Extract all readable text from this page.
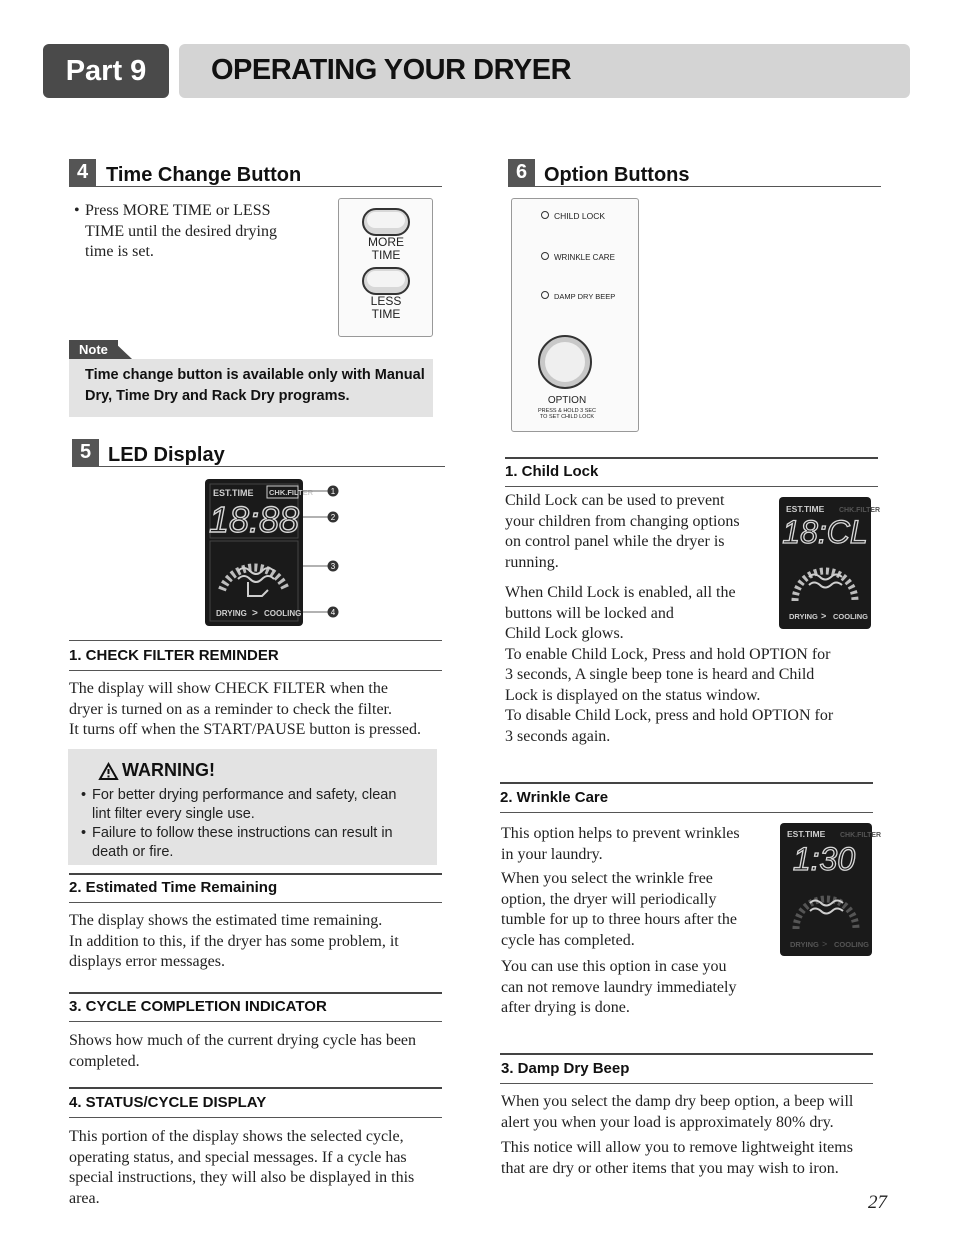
Part 9 OPERATING YOUR DRYER
4 Time Change Button
• Press MORE TIME or LESS
TIME until the desired drying
time is set.
MORE
TIME
LESS
TIME
Note
Time change button is available only with Manual
Dry, Time Dry and Rack Dry programs.
5 LED Display
EST.TIME CHK.FILTER
18:88
DRYING > COOLING
1
2
3
4
1. CHECK FILTER REMINDER
The display will show CHECK FILTER when the
dryer is turned on as a reminder to check the filter.
It turns off when the START/PAUSE button is pressed.
WARNING!
• For better drying performance and safety, clean
lint filter every single use.
• Failure to follow these instructions can result in
death or fire.
2. Estimated Time Remaining
The display shows the estimated time remaining.
In addition to this, if the dryer has some problem, it
displays error messages.
3. CYCLE COMPLETION INDICATOR
Shows how much of the current drying cycle has been
completed.
4. STATUS/CYCLE DISPLAY
This portion of the display shows the selected cycle,
operating status, and special messages. If a cycle has
special instructions, they will also be displayed in this
area.
6 Option Buttons
CHILD LOCK
WRINKLE CARE
DAMP DRY BEEP
OPTION
PRESS & HOLD 3 SEC
TO SET CHILD LOCK
1. Child Lock
Child Lock can be used to prevent
your children from changing options
on control panel while the dryer is
running.
When Child Lock is enabled, all the
buttons will be locked and
Child Lock glows.
To enable Child Lock, Press and hold OPTION for
3 seconds, A single beep tone is heard and Child
Lock is displayed on the status window.
To disable Child Lock, press and hold OPTION for
3 seconds again.
EST.TIME CHK.FILTER
18:CL
DRYING > COOLING
2. Wrinkle Care
This option helps to prevent wrinkles
in your laundry.
When you select the wrinkle free
option, the dryer will periodically
tumble for up to three hours after the
cycle has completed.
You can use this option in case you
can not remove laundry immediately
after drying is done.
EST.TIME CHK.FILTER
1:30
DRYING > COOLING
3. Damp Dry Beep
When you select the damp dry beep option, a beep will
alert you when your load is approximately 80% dry.
This notice will allow you to remove lightweight items
that are dry or other items that you may wish to iron.
27
